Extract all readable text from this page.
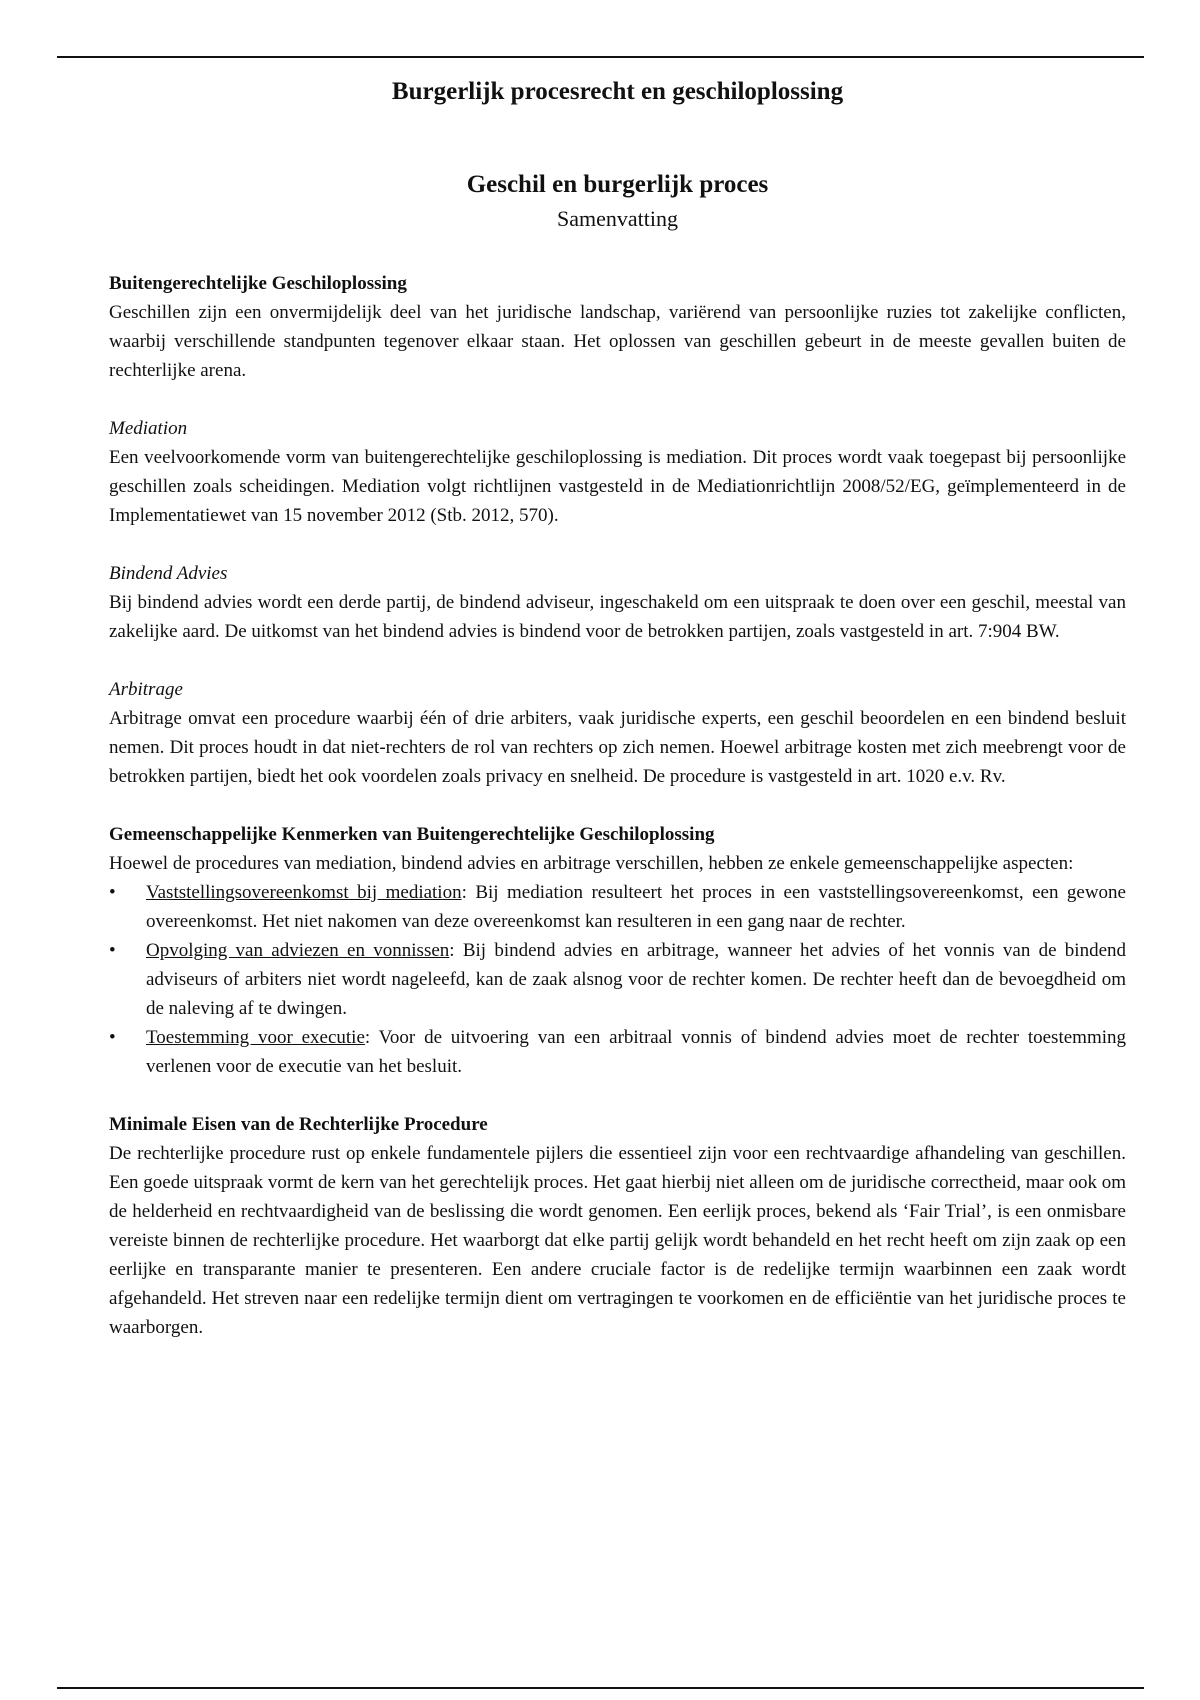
Burgerlijk procesrecht en geschiloplossing
Geschil en burgerlijk proces
Samenvatting

Buitengerechtelijke Geschiloplossing

Geschillen zijn een onvermijdelijk deel van het juridische landschap, variërend van persoonlijke ruzies tot zakelijke conflicten, waarbij verschillende standpunten tegenover elkaar staan. Het oplossen van geschillen gebeurt in de meeste gevallen buiten de rechterlijke arena.

Mediation

Een veelvoorkomende vorm van buitengerechtelijke geschiloplossing is mediation. Dit proces wordt vaak toegepast bij persoonlijke geschillen zoals scheidingen. Mediation volgt richtlijnen vastgesteld in de Mediationrichtlijn 2008/52/EG, geïmplementeerd in de Implementatiewet van 15 november 2012 (Stb. 2012, 570).

Bindend Advies

Bij bindend advies wordt een derde partij, de bindend adviseur, ingeschakeld om een uitspraak te doen over een geschil, meestal van zakelijke aard. De uitkomst van het bindend advies is bindend voor de betrokken partijen, zoals vastgesteld in art. 7:904 BW.

Arbitrage

Arbitrage omvat een procedure waarbij één of drie arbiters, vaak juridische experts, een geschil beoordelen en een bindend besluit nemen. Dit proces houdt in dat niet-rechters de rol van rechters op zich nemen. Hoewel arbitrage kosten met zich meebrengt voor de betrokken partijen, biedt het ook voordelen zoals privacy en snelheid. De procedure is vastgesteld in art. 1020 e.v. Rv.

Gemeenschappelijke Kenmerken van Buitengerechtelijke Geschiloplossing

Hoewel de procedures van mediation, bindend advies en arbitrage verschillen, hebben ze enkele gemeenschappelijke aspecten:

• Vaststellingsovereenkomst bij mediation: Bij mediation resulteert het proces in een vaststellingsovereenkomst, een gewone overeenkomst. Het niet nakomen van deze overeenkomst kan resulteren in een gang naar de rechter.
• Opvolging van adviezen en vonnissen: Bij bindend advies en arbitrage, wanneer het advies of het vonnis van de bindend adviseurs of arbiters niet wordt nageleefd, kan de zaak alsnog voor de rechter komen. De rechter heeft dan de bevoegdheid om de naleving af te dwingen.
• Toestemming voor executie: Voor de uitvoering van een arbitraal vonnis of bindend advies moet de rechter toestemming verlenen voor de executie van het besluit.

Minimale Eisen van de Rechterlijke Procedure

De rechterlijke procedure rust op enkele fundamentele pijlers die essentieel zijn voor een rechtvaardige afhandeling van geschillen. Een goede uitspraak vormt de kern van het gerechtelijk proces. Het gaat hierbij niet alleen om de juridische correctheid, maar ook om de helderheid en rechtvaardigheid van de beslissing die wordt genomen. Een eerlijk proces, bekend als ‘Fair Trial’, is een onmisbare vereiste binnen de rechterlijke procedure. Het waarborgt dat elke partij gelijk wordt behandeld en het recht heeft om zijn zaak op een eerlijke en transparante manier te presenteren. Een andere cruciale factor is de redelijke termijn waarbinnen een zaak wordt afgehandeld. Het streven naar een redelijke termijn dient om vertragingen te voorkomen en de efficiëntie van het juridische proces te waarborgen.
